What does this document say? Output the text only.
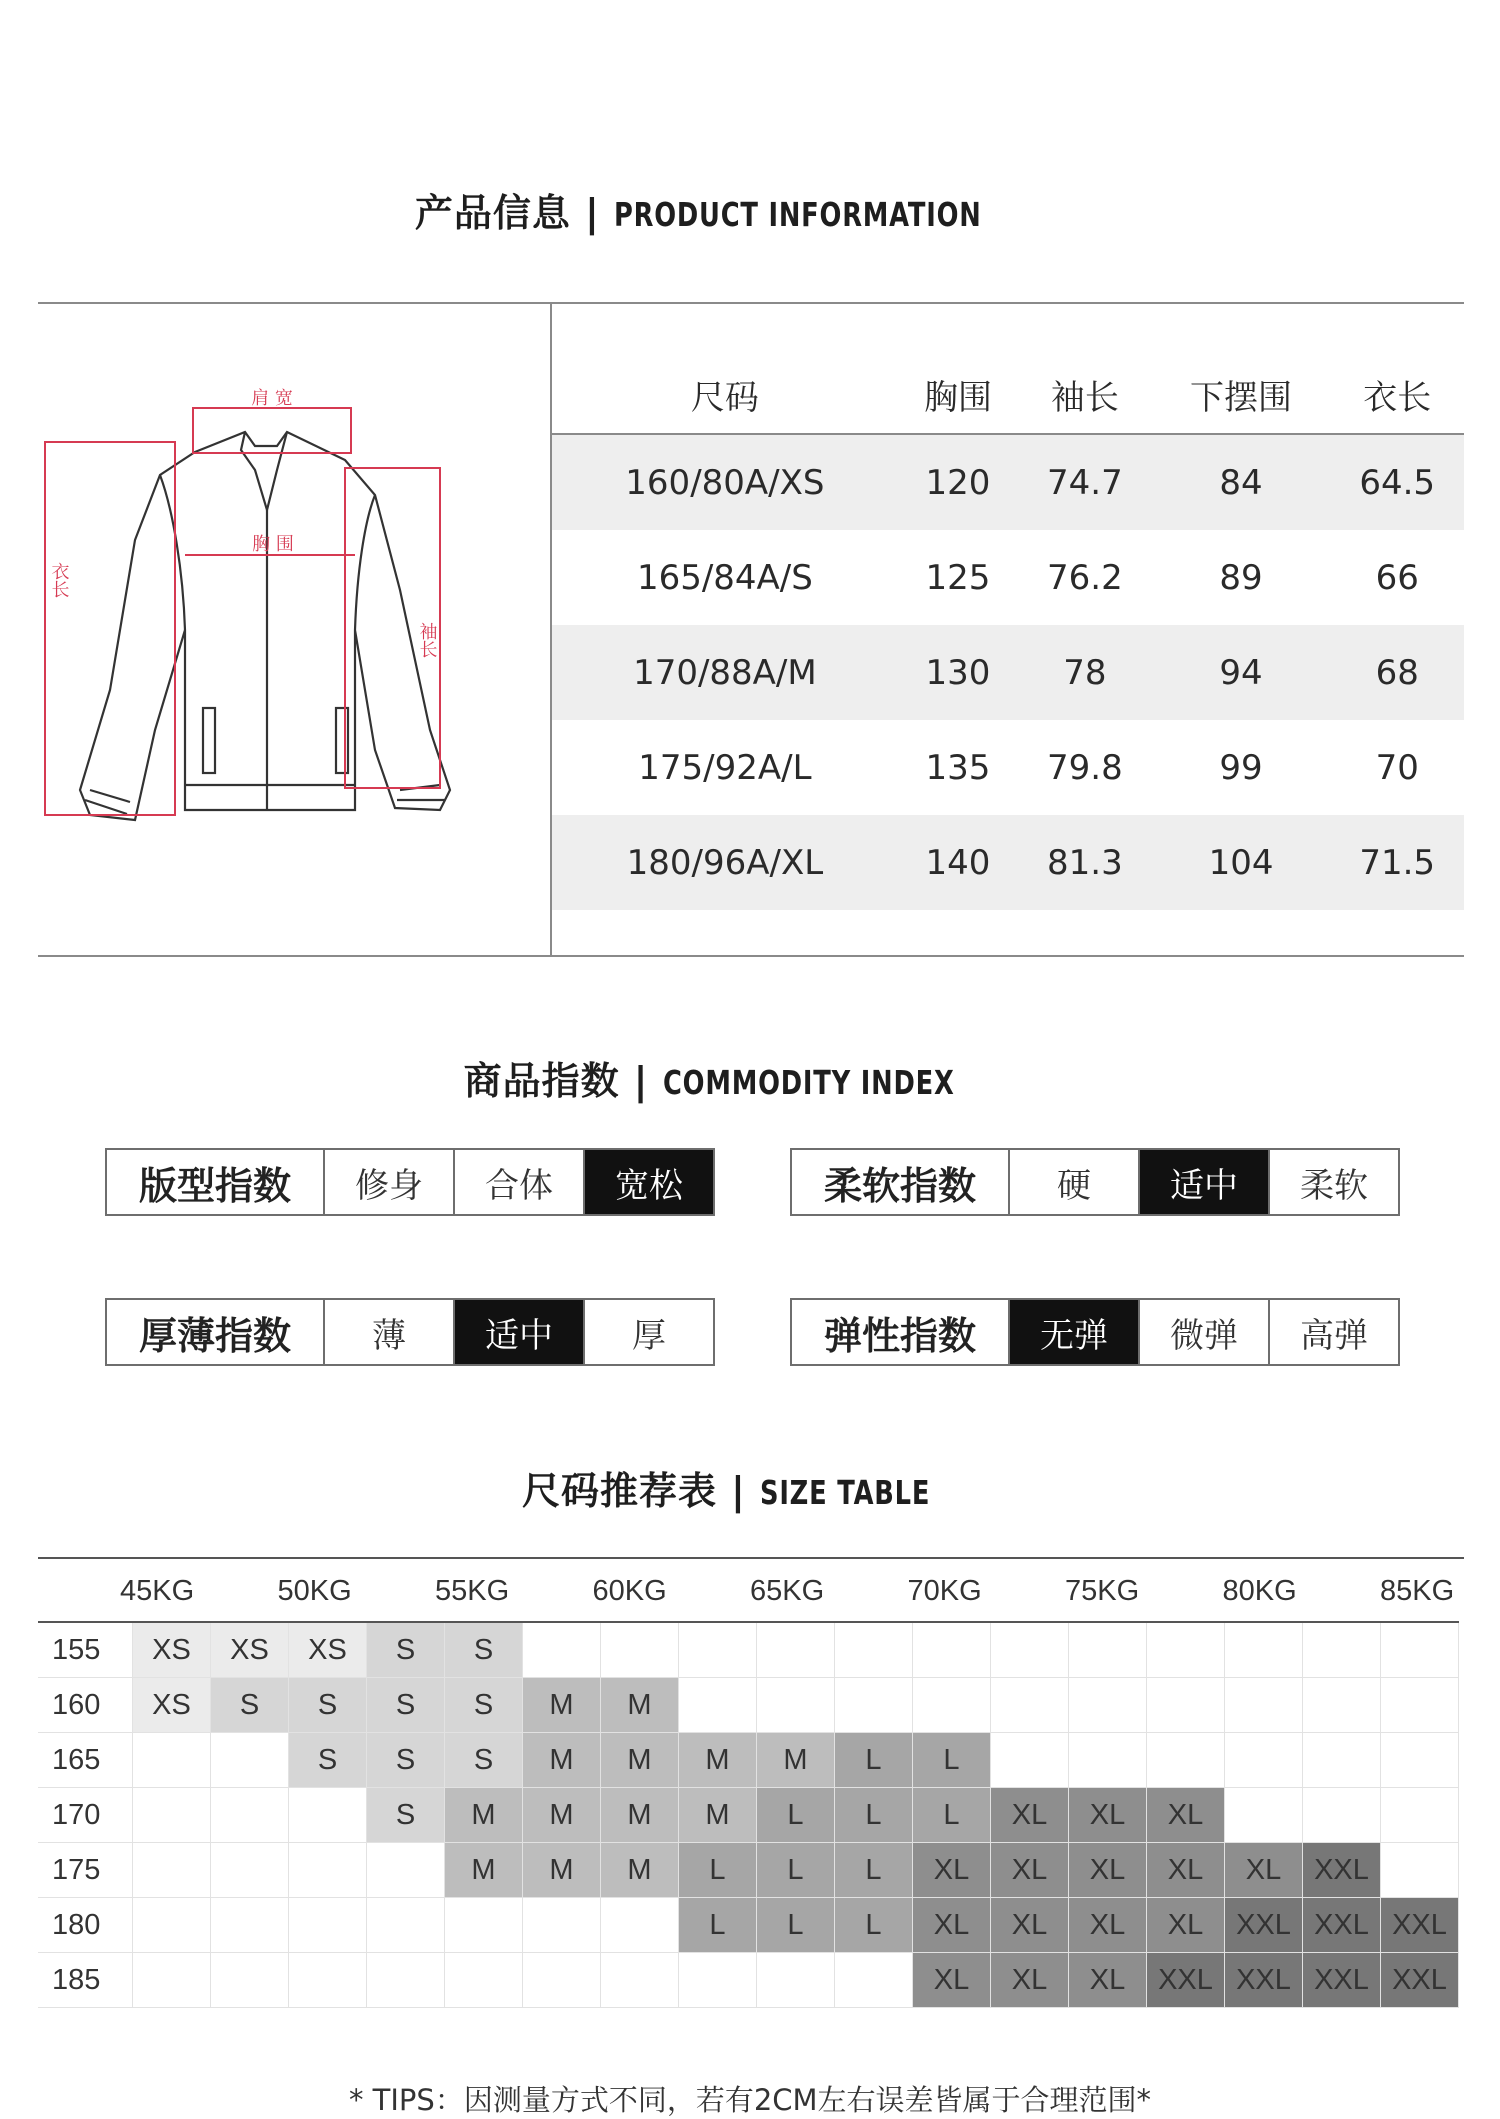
产品信息 | PRODUCT INFORMATION
肩 宽
胸 围
衣长
袖长
尺码	胸围	袖长	下摆围	衣长
160/80A/XS	120	74.7	84	64.5
165/84A/S	125	76.2	89	66
170/88A/M	130	78	94	68
175/92A/L	135	79.8	99	70
180/96A/XL	140	81.3	104	71.5
商品指数 | COMMODITY INDEX
版型指数	修身	合体	宽松	柔软指数	硬	适中	柔软
厚薄指数	薄	适中	厚	弹性指数	无弹	微弹	高弹
尺码推荐表 | SIZE TABLE
45KG	50KG	55KG	60KG	65KG	70KG	75KG	80KG	85KG

155	XS	XS	XS	S	S												
160	XS	S	S	S	S	M	M										
165			S	S	S	M	M	M	M	L	L						
170				S	M	M	M	M	L	L	L	XL	XL	XL			
175					M	M	M	L	L	L	XL	XL	XL	XL	XL	XXL	
180								L	L	L	XL	XL	XL	XL	XXL	XXL	XXL
185											XL	XL	XL	XXL	XXL	XXL	XXL
* TIPS：因测量方式不同，若有2CM左右误差皆属于合理范围*
